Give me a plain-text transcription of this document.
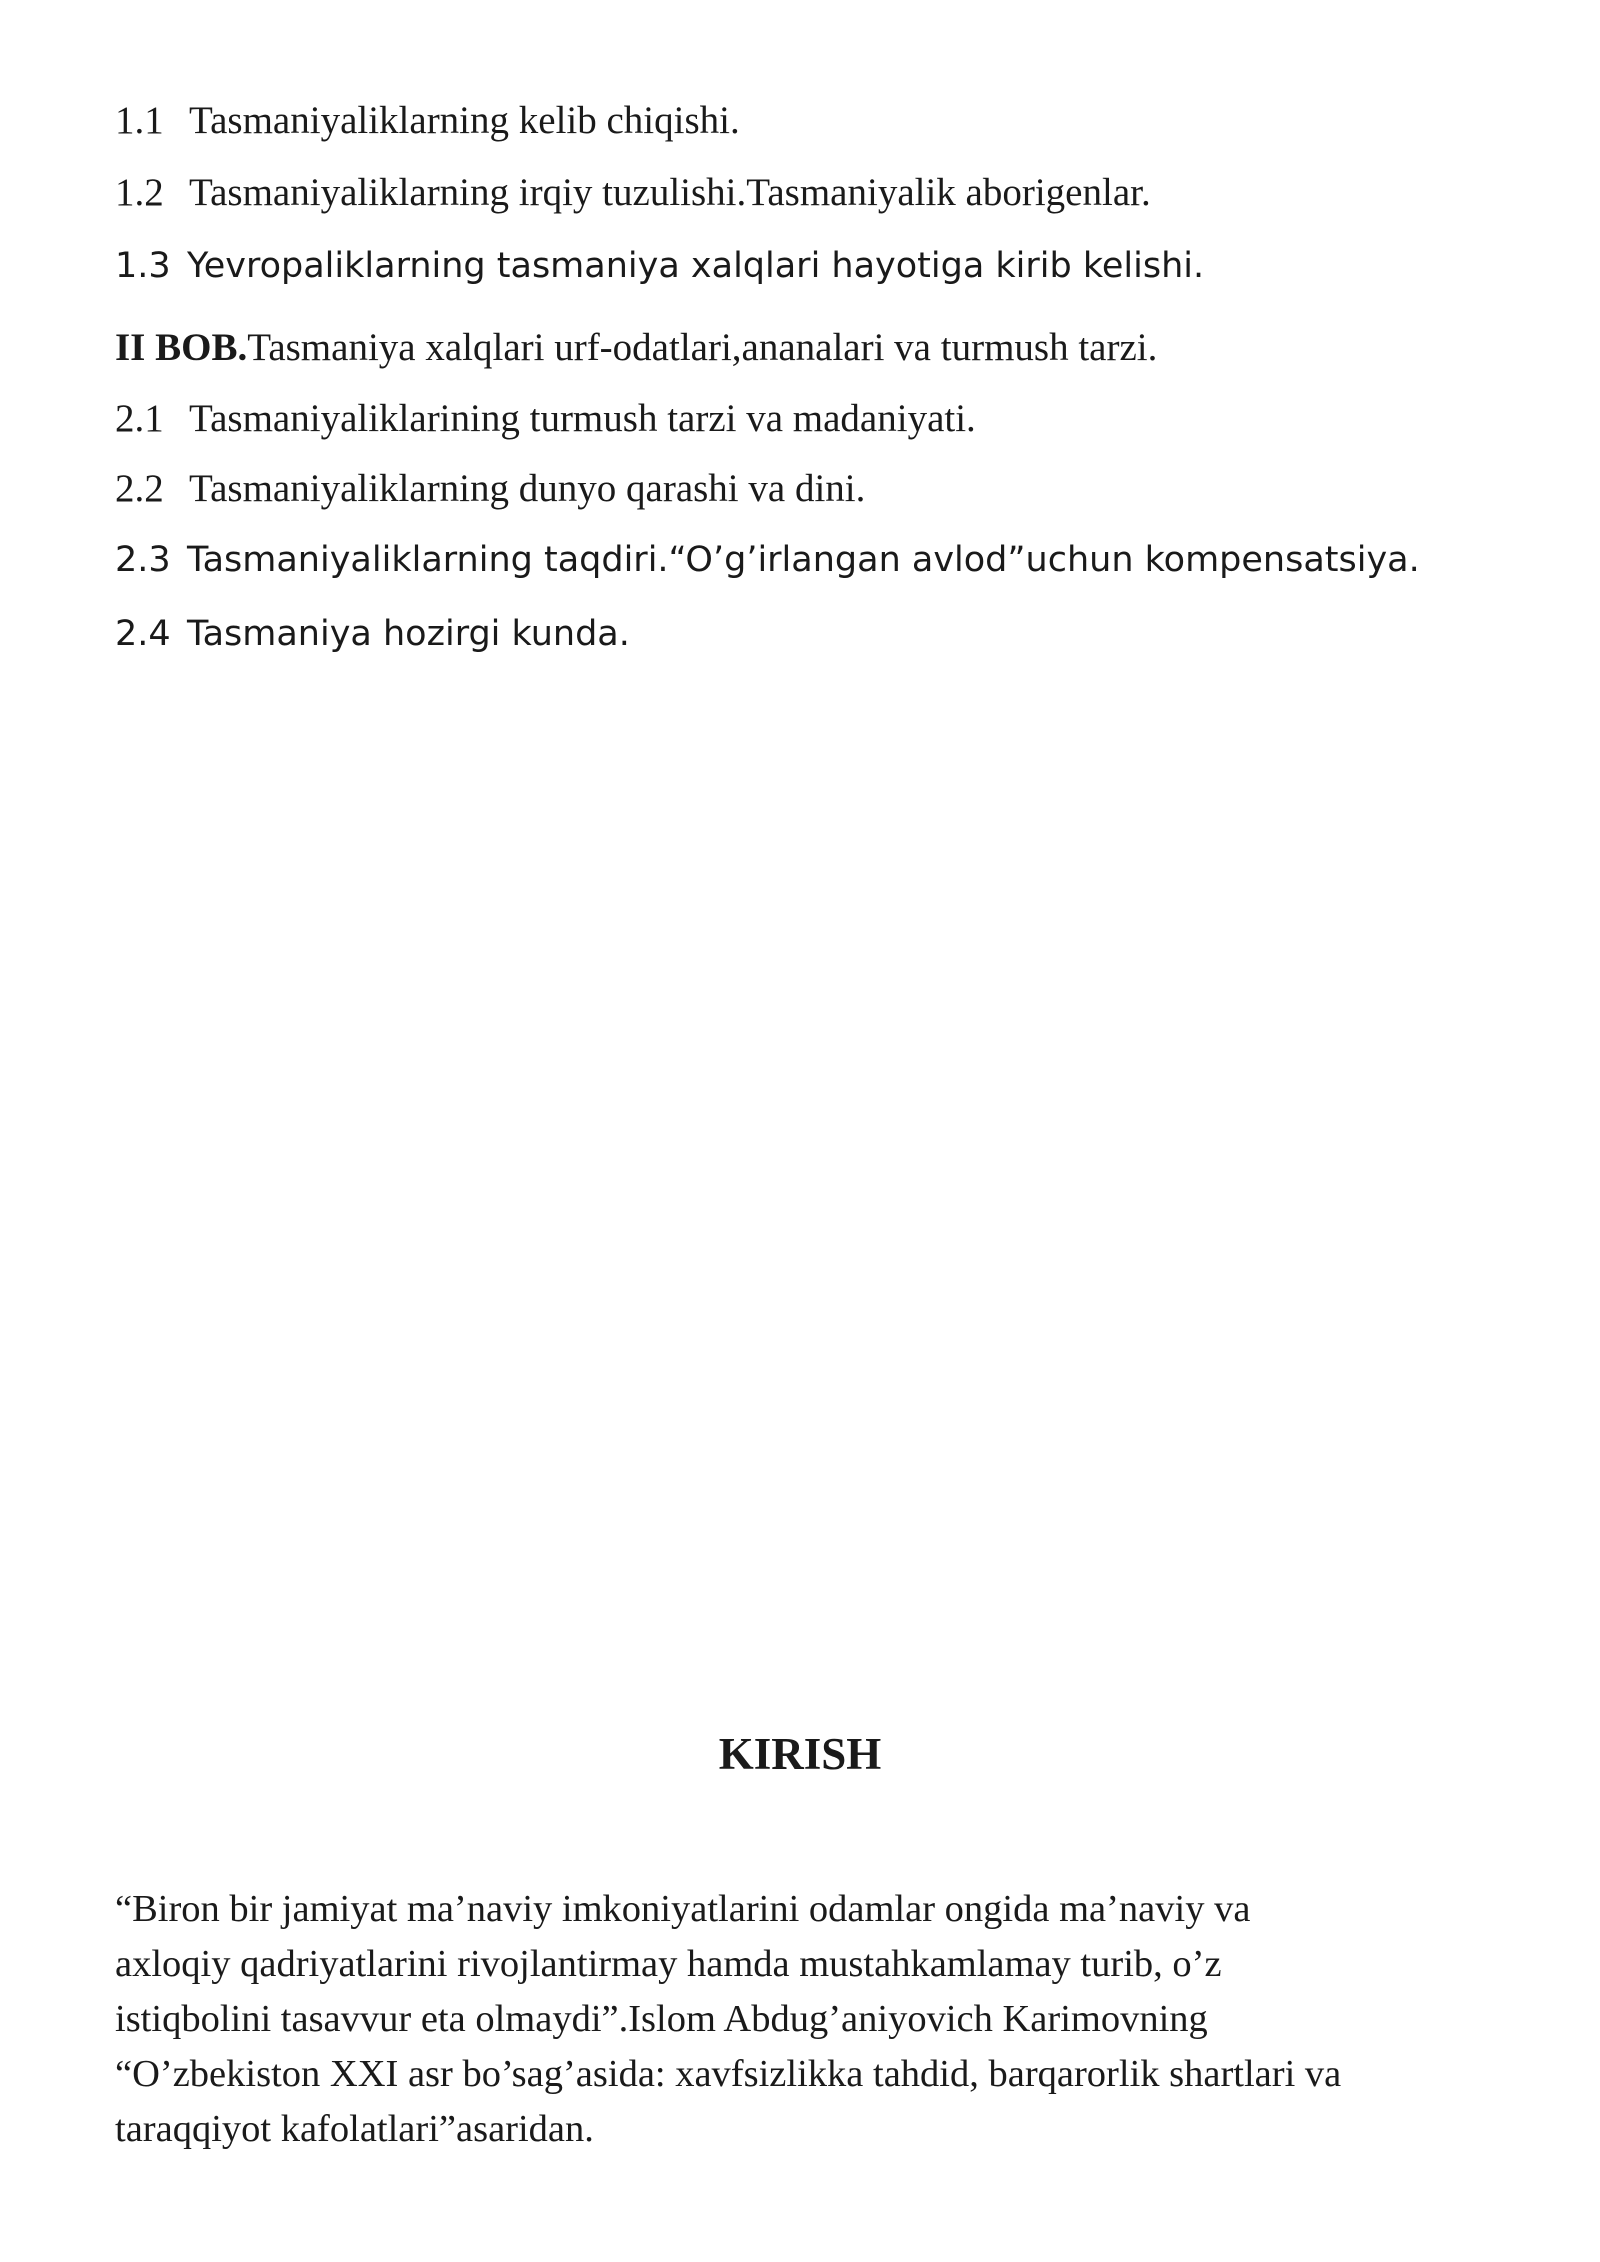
1.1 Tasmaniyaliklarning kelib chiqishi.
1.2 Tasmaniyaliklarning irqiy tuzulishi.Tasmaniyalik aborigenlar.
1.3 Yevropaliklarning tasmaniya xalqlari hayotiga kirib kelishi.
II BOB.Tasmaniya xalqlari urf-odatlari,ananalari va turmush tarzi.
2.1 Tasmaniyaliklarining turmush tarzi va madaniyati.
2.2 Tasmaniyaliklarning dunyo qarashi va dini.
2.3 Tasmaniyaliklarning taqdiri.“O’g’irlangan avlod”uchun kompensatsiya.
2.4 Tasmaniya hozirgi kunda.
KIRISH
“Biron bir jamiyat ma’naviy imkoniyatlarini odamlar ongida ma’naviy va
axloqiy qadriyatlarini rivojlantirmay hamda mustahkamlamay turib, o’z
istiqbolini tasavvur eta olmaydi”.Islom Abdug’aniyovich Karimovning
“O’zbekiston XXI asr bo’sag’asida: xavfsizlikka tahdid, barqarorlik shartlari va
taraqqiyot kafolatlari”asaridan.
